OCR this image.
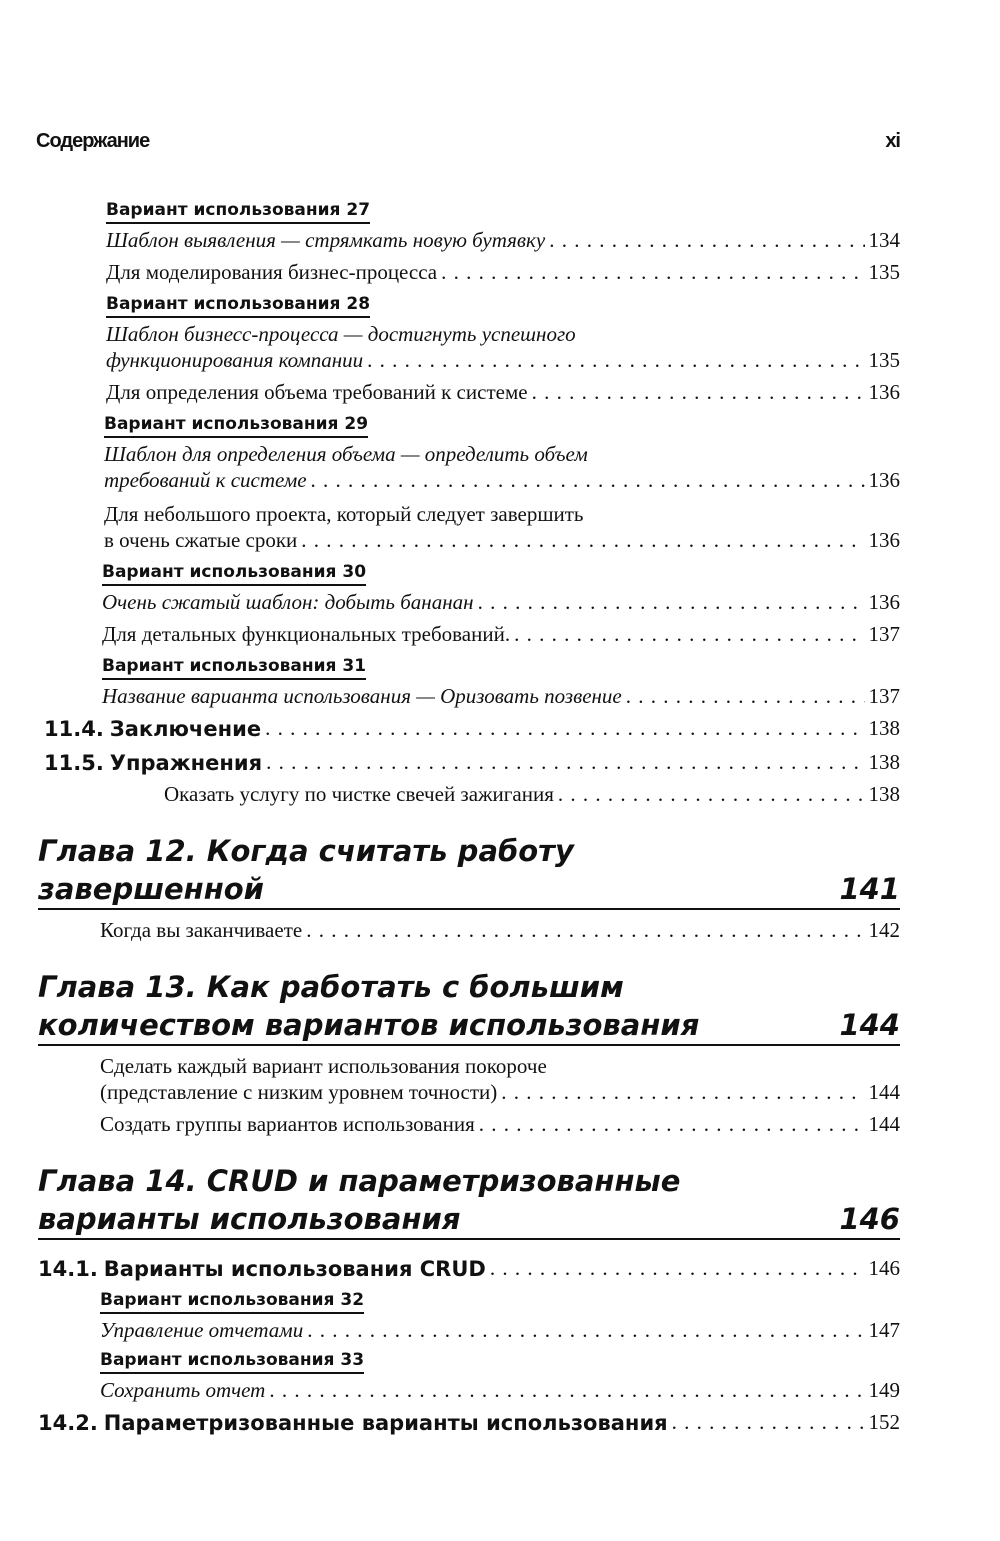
Содержание	xi
Вариант использования 27
Шаблон выявления — стрямкать новую бутявку . . .	134
Для моделирования бизнес-процесса . . .	135
Вариант использования 28
Шаблон бизнесс-процесса — достигнуть успешного
функционирования компании . . .	135
Для определения объема требований к системе . . .	136
Вариант использования 29
Шаблон для определения объема — определить объем
требований к системе . . .	136
Для небольшого проекта, который следует завершить
в очень сжатые сроки . . .	136
Вариант использования 30
Очень сжатый шаблон: добыть бананан . . .	136
Для детальных функциональных требований. . . .	137
Вариант использования 31
Название варианта использования — Оризовать позвение . . .	137
11.4. Заключение . . .	138
11.5. Упражнения . . .	138
Оказать услугу по чистке свечей зажигания . . .	138
Глава 12. Когда считать работу
завершенной	141
Когда вы заканчиваете . . .	142
Глава 13. Как работать с большим
количеством вариантов использования	144
Сделать каждый вариант использования покороче
(представление с низким уровнем точности) . . .	144
Создать группы вариантов использования . . .	144
Глава 14. CRUD и параметризованные
варианты использования	146
14.1. Варианты использования CRUD . . .	146
Вариант использования 32
Управление отчетами . . .	147
Вариант использования 33
Сохранить отчет . . .	149
14.2. Параметризованные варианты использования . . .	152
